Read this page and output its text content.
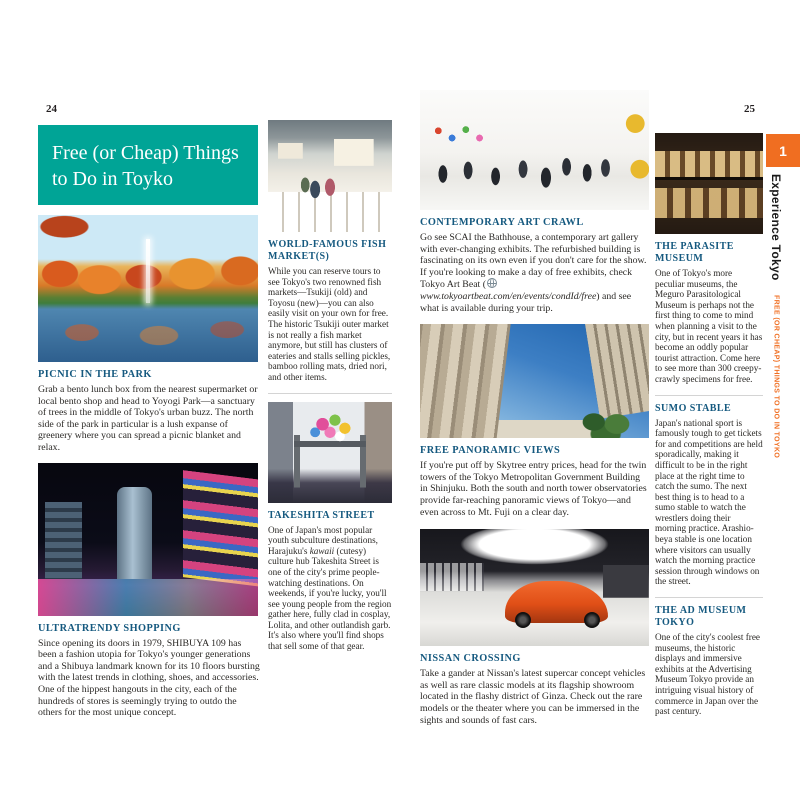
24	25
Free (or Cheap) Things
to Do in Toyko
PICNIC IN THE PARK

Grab a bento lunch box from the nearest supermarket or local bento shop and head to Yoyogi Park—a sanctuary of trees in the middle of Tokyo's urban buzz. The north side of the park in particular is a lush expanse of greenery where you can spread a picnic blanket and relax.

ULTRATRENDY SHOPPING

Since opening its doors in 1979, SHIBUYA 109 has been a fashion utopia for Tokyo's younger generations and a Shibuya landmark known for its 10 floors bursting with the latest trends in clothing, shoes, and accessories. One of the hippest hangouts in the city, each of the hundreds of stores is seemingly trying to outdo the others for the most unique concept.

WORLD-FAMOUS FISH MARKET(S)

While you can reserve tours to see Tokyo's two renowned fish markets—Tsukiji (old) and Toyosu (new)—you can also easily visit on your own for free. The historic Tsukiji outer market is not really a fish market anymore, but still has clusters of eateries and stalls selling pickles, bamboo rolling mats, dried nori, and other items.

TAKESHITA STREET

One of Japan's most popular youth subculture destinations, Harajuku's kawaii (cutesy) culture hub Takeshita Street is one of the city's prime people-watching destinations. On weekends, if you're lucky, you'll see young people from the region gather here, fully clad in cosplay, Lolita, and other outlandish garb. It's also where you'll find shops that sell some of that gear.

CONTEMPORARY ART CRAWL

Go see SCAI the Bathhouse, a contemporary art gallery with ever-changing exhibits. The refurbished building is fascinating on its own even if you don't care for the show. If you're looking to make a day of free exhibits, check Tokyo Art Beat (www.tokyoartbeat.com/en/events/condId/free) and see what is available during your trip.

FREE PANORAMIC VIEWS

If you're put off by Skytree entry prices, head for the twin towers of the Tokyo Metropolitan Government Building in Shinjuku. Both the south and north tower observatories provide far-reaching panoramic views of Tokyo—and even across to Mt. Fuji on a clear day.

NISSAN CROSSING

Take a gander at Nissan's latest supercar concept vehicles as well as rare classic models at its flagship showroom located in the flashy district of Ginza. Check out the rare models or the theater where you can be immersed in the sights and sounds of fast cars.

THE PARASITE MUSEUM

One of Tokyo's more peculiar museums, the Meguro Parasitological Museum is perhaps not the first thing to come to mind when planning a visit to the city, but in recent years it has become an oddly popular tourist attraction. Come here to see more than 300 creepy-crawly specimens for free.

SUMO STABLE

Japan's national sport is famously tough to get tickets for and competitions are held sporadically, making it difficult to be in the right place at the right time to catch the sumo. The next best thing is to head to a sumo stable to watch the wrestlers doing their morning practice. Arashio-beya stable is one location where visitors can usually watch the morning practice session through windows on the street.

THE AD MUSEUM TOKYO

One of the city's coolest free museums, the historic displays and immersive exhibits at the Advertising Museum Tokyo provide an intriguing visual history of commerce in Japan over the past century.

1
Experience Tokyo
FREE (OR CHEAP) THINGS TO DO IN TOYKO
